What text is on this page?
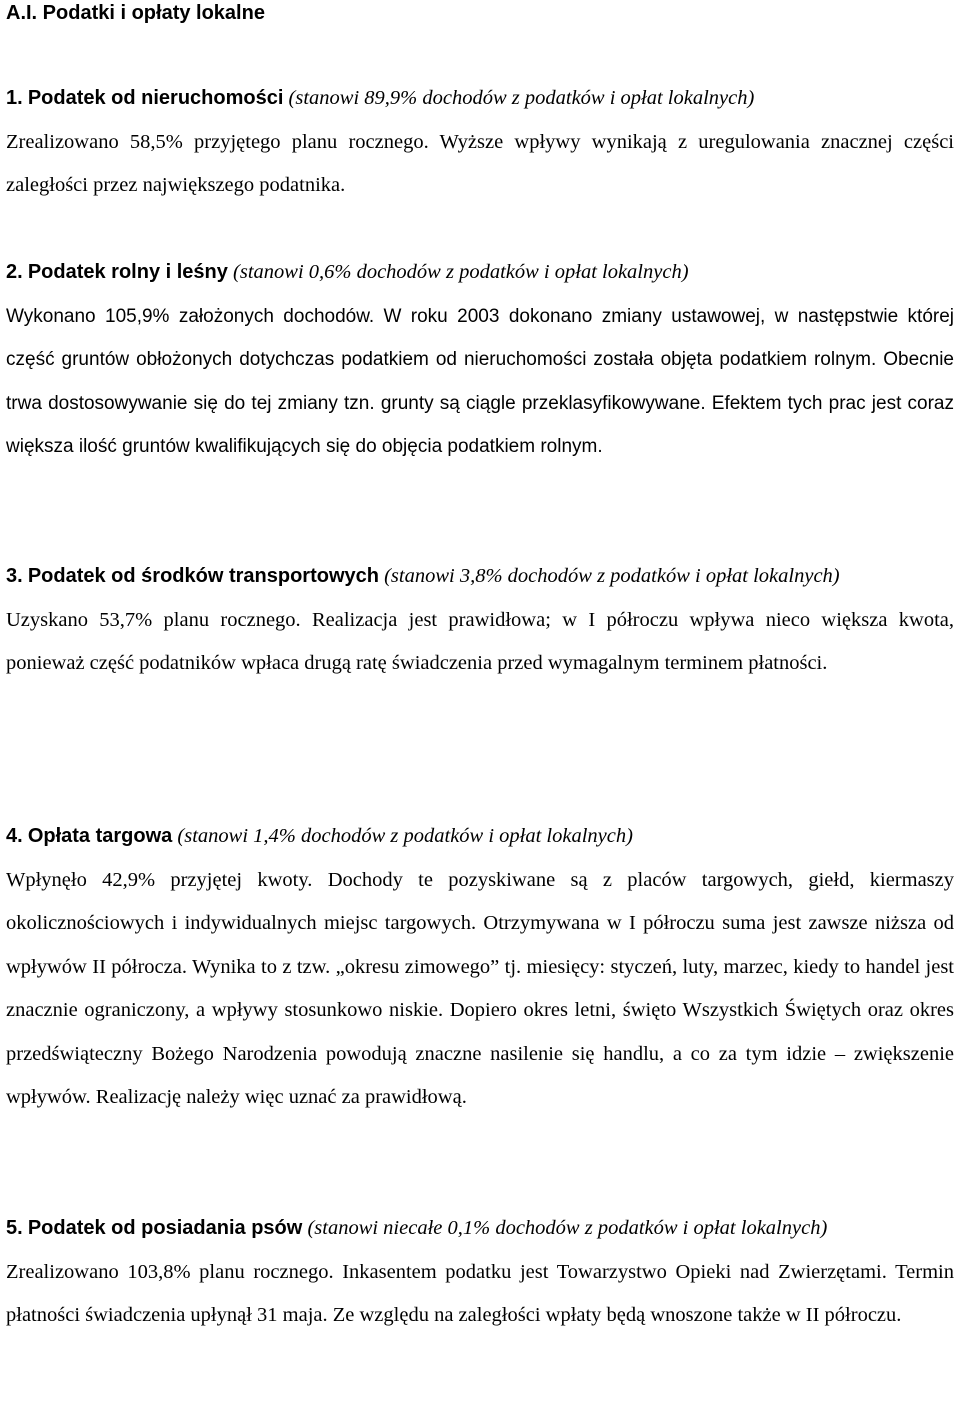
A.I. Podatki i opłaty lokalne

1. Podatek od nieruchomości (stanowi 89,9% dochodów z podatków i opłat lokalnych)

Zrealizowano 58,5% przyjętego planu rocznego. Wyższe wpływy wynikają z uregulowania znacznej części zaległości przez największego podatnika.

2. Podatek rolny i leśny (stanowi 0,6% dochodów z podatków i opłat lokalnych)

Wykonano 105,9% założonych dochodów. W roku 2003 dokonano zmiany ustawowej, w następstwie której część gruntów obłożonych dotychczas podatkiem od nieruchomości została objęta podatkiem rolnym. Obecnie trwa dostosowywanie się do tej zmiany tzn. grunty są ciągle przeklasyfikowywane. Efektem tych prac jest coraz większa ilość gruntów kwalifikujących się do objęcia podatkiem rolnym.

3. Podatek od środków transportowych (stanowi 3,8% dochodów z podatków i opłat lokalnych)

Uzyskano 53,7% planu rocznego. Realizacja jest prawidłowa; w I półroczu wpływa nieco większa kwota, ponieważ część podatników wpłaca drugą ratę świadczenia przed wymagalnym terminem płatności.

4. Opłata targowa (stanowi 1,4% dochodów z podatków i opłat lokalnych)

Wpłynęło 42,9% przyjętej kwoty. Dochody te pozyskiwane są z placów targowych, giełd, kiermaszy okolicznościowych i indywidualnych miejsc targowych. Otrzymywana w I półroczu suma jest zawsze niższa od wpływów II półrocza. Wynika to z tzw. „okresu zimowego” tj. miesięcy: styczeń, luty, marzec, kiedy to handel jest znacznie ograniczony, a wpływy stosunkowo niskie. Dopiero okres letni, święto Wszystkich Świętych oraz okres przedświąteczny Bożego Narodzenia powodują znaczne nasilenie się handlu, a co za tym idzie – zwiększenie wpływów. Realizację należy więc uznać za prawidłową.

5. Podatek od posiadania psów (stanowi niecałe 0,1% dochodów z podatków i opłat lokalnych)

Zrealizowano 103,8% planu rocznego. Inkasentem podatku jest Towarzystwo Opieki nad Zwierzętami. Termin płatności świadczenia upłynął 31 maja. Ze względu na zaległości wpłaty będą wnoszone także w II półroczu.
